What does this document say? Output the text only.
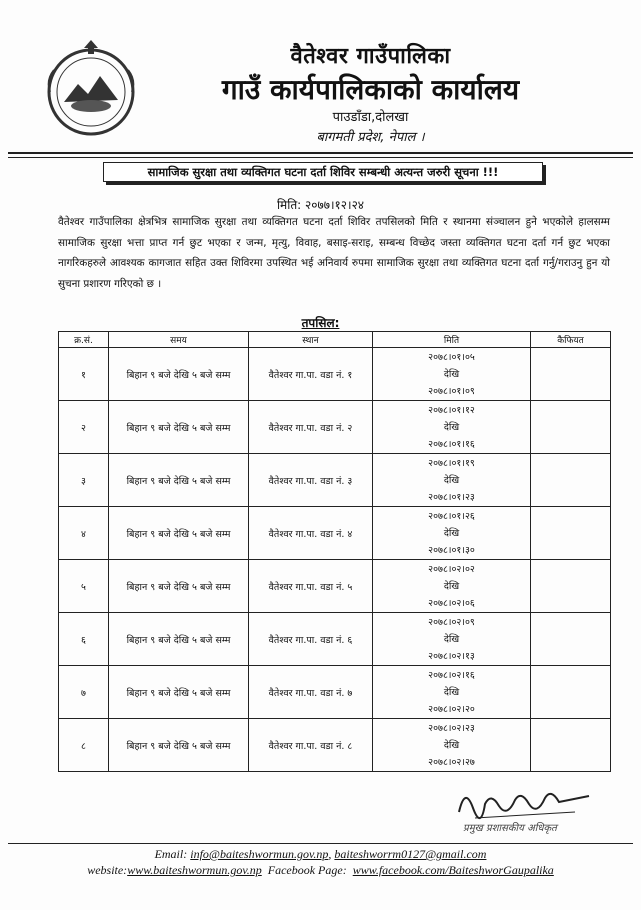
वैतेश्वर गाउँपालिका
गाउँ कार्यपालिकाको कार्यालय
पाउडाँडा,दोलखा
बागमती प्रदेश, नेपाल ।
सामाजिक सुरक्षा तथा व्यक्तिगत घटना दर्ता शिविर सम्बन्धी अत्यन्त जरुरी सूचना !!!
मिति: २०७७।१२।२४
वैतेश्वर गाउँपालिका क्षेत्रभित्र सामाजिक सुरक्षा तथा व्यक्तिगत घटना दर्ता शिविर तपसिलको मिति र स्थानमा संञ्चालन हुने भएकोले हालसम्म सामाजिक सुरक्षा भत्ता प्राप्त गर्न छुट भएका र जन्म, मृत्यु, विवाह, बसाइ-सराइ, सम्बन्ध विच्छेद जस्ता व्यक्तिगत घटना दर्ता गर्न छुट भएका नागरिकहरुले आवश्यक कागजात सहित उक्त शिविरमा उपस्थित भई अनिवार्य रुपमा सामाजिक सुरक्षा तथा व्यक्तिगत घटना दर्ता गर्नु/गराउनु हुन यो सुचना प्रशारण गरिएको छ ।
तपसिल:
क्र.सं.	समय	स्थान	मिति	कैफियत
१	बिहान ९ बजे देखि ५ बजे सम्म	वैतेश्वर गा.पा. वडा नं. १	२०७८।०१।०५
देखि
२०७८।०१।०९	

२	बिहान ९ बजे देखि ५ बजे सम्म	वैतेश्वर गा.पा. वडा नं. २	२०७८।०१।१२
देखि
२०७८।०१।१६	

३	बिहान ९ बजे देखि ५ बजे सम्म	वैतेश्वर गा.पा. वडा नं. ३	२०७८।०१।१९
देखि
२०७८।०१।२३	

४	बिहान ९ बजे देखि ५ बजे सम्म	वैतेश्वर गा.पा. वडा नं. ४	२०७८।०१।२६
देखि
२०७८।०१।३०	

५	बिहान ९ बजे देखि ५ बजे सम्म	वैतेश्वर गा.पा. वडा नं. ५	२०७८।०२।०२
देखि
२०७८।०२।०६	

६	बिहान ९ बजे देखि ५ बजे सम्म	वैतेश्वर गा.पा. वडा नं. ६	२०७८।०२।०९
देखि
२०७८।०२।१३	

७	बिहान ९ बजे देखि ५ बजे सम्म	वैतेश्वर गा.पा. वडा नं. ७	२०७८।०२।१६
देखि
२०७८।०२।२०	

८	बिहान ९ बजे देखि ५ बजे सम्म	वैतेश्वर गा.पा. वडा नं. ८	२०७८।०२।२३
देखि
२०७८।०२।२७	

प्रमुख प्रशासकीय अधिकृत
Email: info@baiteshwormun.gov.np, baiteshworrm0127@gmail.com
website:www.baiteshwormun.gov.np Facebook Page: www.facebook.com/BaiteshworGaupalika
